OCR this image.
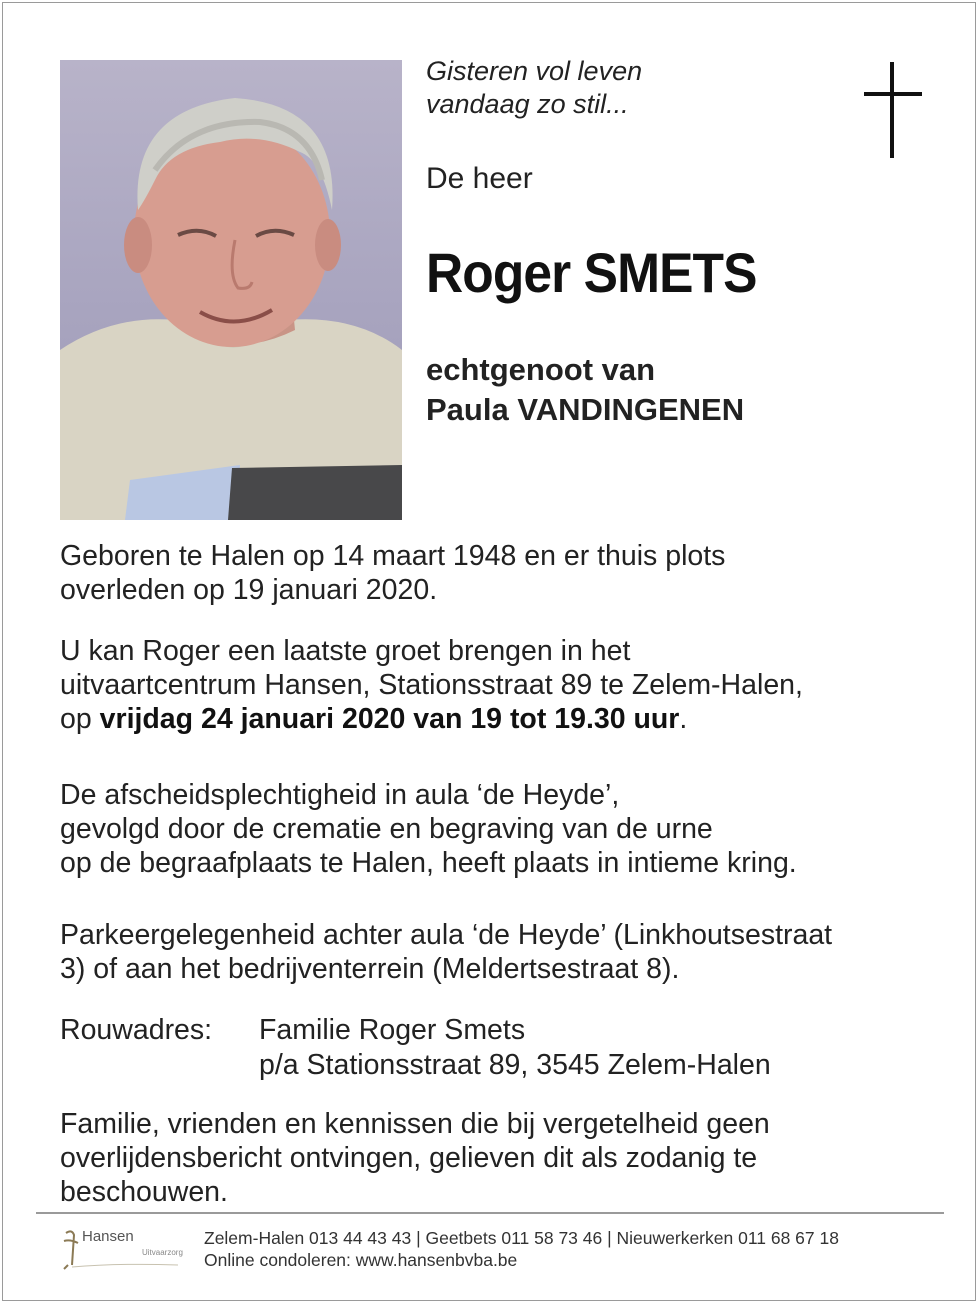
Gisteren vol leven
vandaag zo stil...
De heer
Roger SMETS
echtgenoot van
Paula VANDINGENEN
Geboren te Halen op 14 maart 1948 en er thuis plots
overleden op 19 januari 2020.
U kan Roger een laatste groet brengen in het
uitvaartcentrum Hansen, Stationsstraat 89 te Zelem-Halen,
op vrijdag 24 januari 2020 van 19 tot 19.30 uur.
De afscheidsplechtigheid in aula ‘de Heyde’,
gevolgd door de crematie en begraving van de urne
op de begraafplaats te Halen, heeft plaats in intieme kring.
Parkeergelegenheid achter aula ‘de Heyde’ (Linkhoutsestraat
3) of aan het bedrijventerrein (Meldertsestraat 8).
Rouwadres: Familie Roger Smets
p/a Stationsstraat 89, 3545 Zelem-Halen
Familie, vrienden en kennissen die bij vergetelheid geen
overlijdensbericht ontvingen, gelieven dit als zodanig te
beschouwen.
Hansen
Uitvaarzorg
Zelem-Halen 013 44 43 43 | Geetbets 011 58 73 46 | Nieuwerkerken 011 68 67 18
Online condoleren: www.hansenbvba.be
